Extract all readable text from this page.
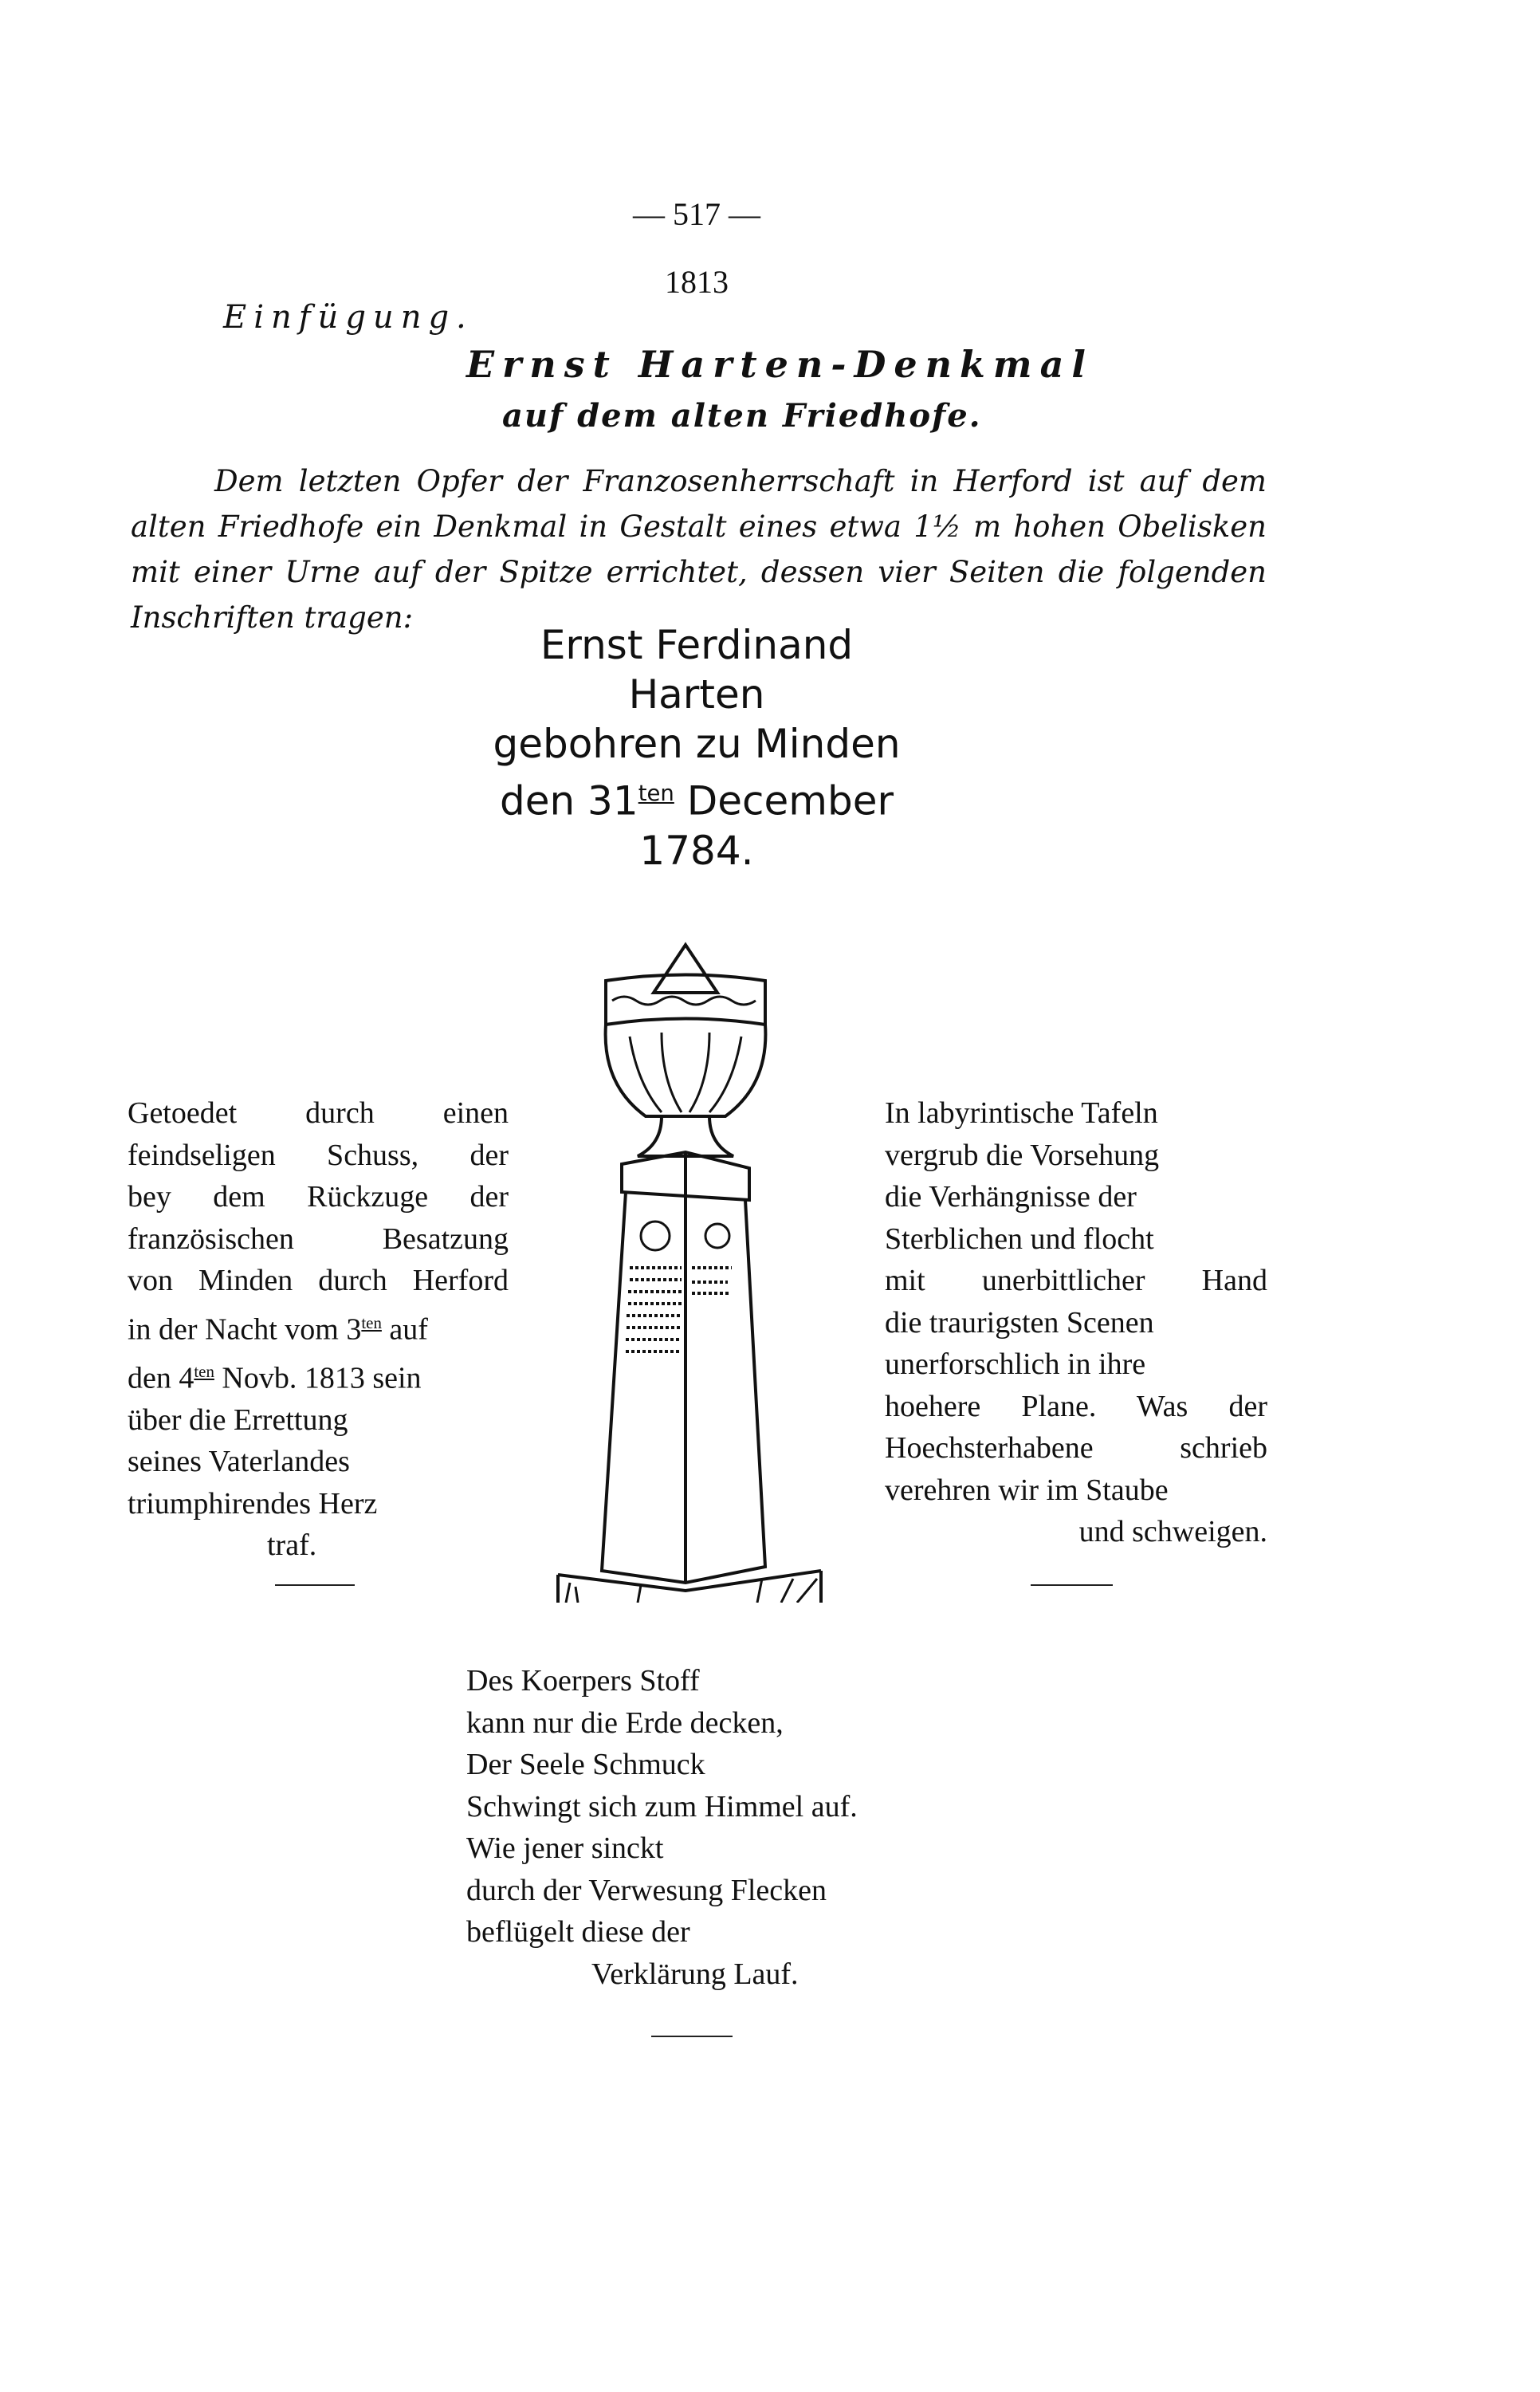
— 517 —
1813
Einfügung.
Ernst Harten-Denkmal
auf dem alten Friedhofe.
Dem letzten Opfer der Franzosenherrschaft in Herford ist auf dem alten Friedhofe ein Denkmal in Gestalt eines etwa 1½ m hohen Obelisken mit einer Urne auf der Spitze errichtet, dessen vier Seiten die folgenden Inschriften tragen:
Ernst Ferdinand
Harten
gebohren zu Minden
den $31^{ten}$ December
1784.
Getoedet durch einen
feindseligen Schuss, der
bey dem Rückzuge der
französischen Besatzung
von Minden durch Herford
in der Nacht vom $3^{ten}$ auf
den $4^{ten}$ Novb. 1813 sein
über die Errettung
seines Vaterlandes
triumphirendes Herz
traf.
In labyrintische Tafeln
vergrub die Vorsehung
die Verhängnisse der
Sterblichen und flocht
mit unerbittlicher Hand
die traurigsten Scenen
unerforschlich in ihre
hoehere Plane. Was der
Hoechsterhabene schrieb
verehren wir im Staube
und schweigen.
Des Koerpers Stoff
kann nur die Erde decken,
Der Seele Schmuck
Schwingt sich zum Himmel auf.
Wie jener sinckt
durch der Verwesung Flecken
beflügelt diese der
Verklärung Lauf.
